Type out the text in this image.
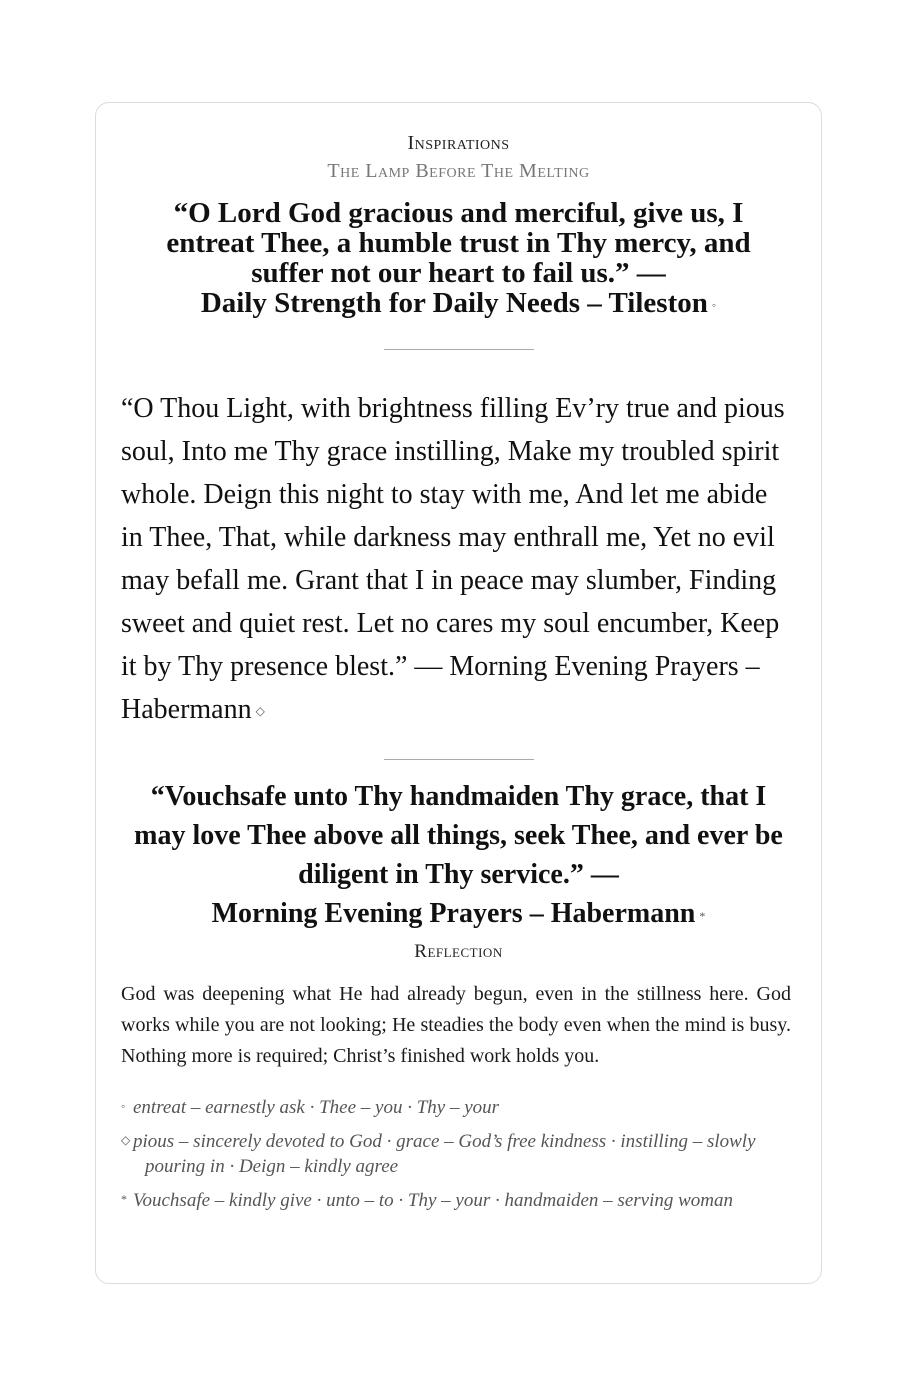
Inspirations
The Lamp Before The Melting
“O Lord God gracious and merciful, give us, I entreat Thee, a humble trust in Thy mercy, and suffer not our heart to fail us.” —
Daily Strength for Daily Needs – Tileston ◦
“O Thou Light, with brightness filling Ev’ry true and pious soul, Into me Thy grace instilling, Make my troubled spirit whole. Deign this night to stay with me, And let me abide in Thee, That, while darkness may enthrall me, Yet no evil may befall me. Grant that I in peace may slumber, Finding sweet and quiet rest. Let no cares my soul encumber, Keep it by Thy presence blest.” — Morning Evening Prayers – Habermann ◇
“Vouchsafe unto Thy handmaiden Thy grace, that I may love Thee above all things, seek Thee, and ever be diligent in Thy service.” —
Morning Evening Prayers – Habermann *
Reflection
God was deepening what He had already begun, even in the stillness here. God works while you are not looking; He steadies the body even when the mind is busy. Nothing more is required; Christ’s finished work holds you.
◦ entreat – earnestly ask · Thee – you · Thy – your
◇ pious – sincerely devoted to God · grace – God’s free kindness · instilling – slowly pouring in · Deign – kindly agree
* Vouchsafe – kindly give · unto – to · Thy – your · handmaiden – serving woman
